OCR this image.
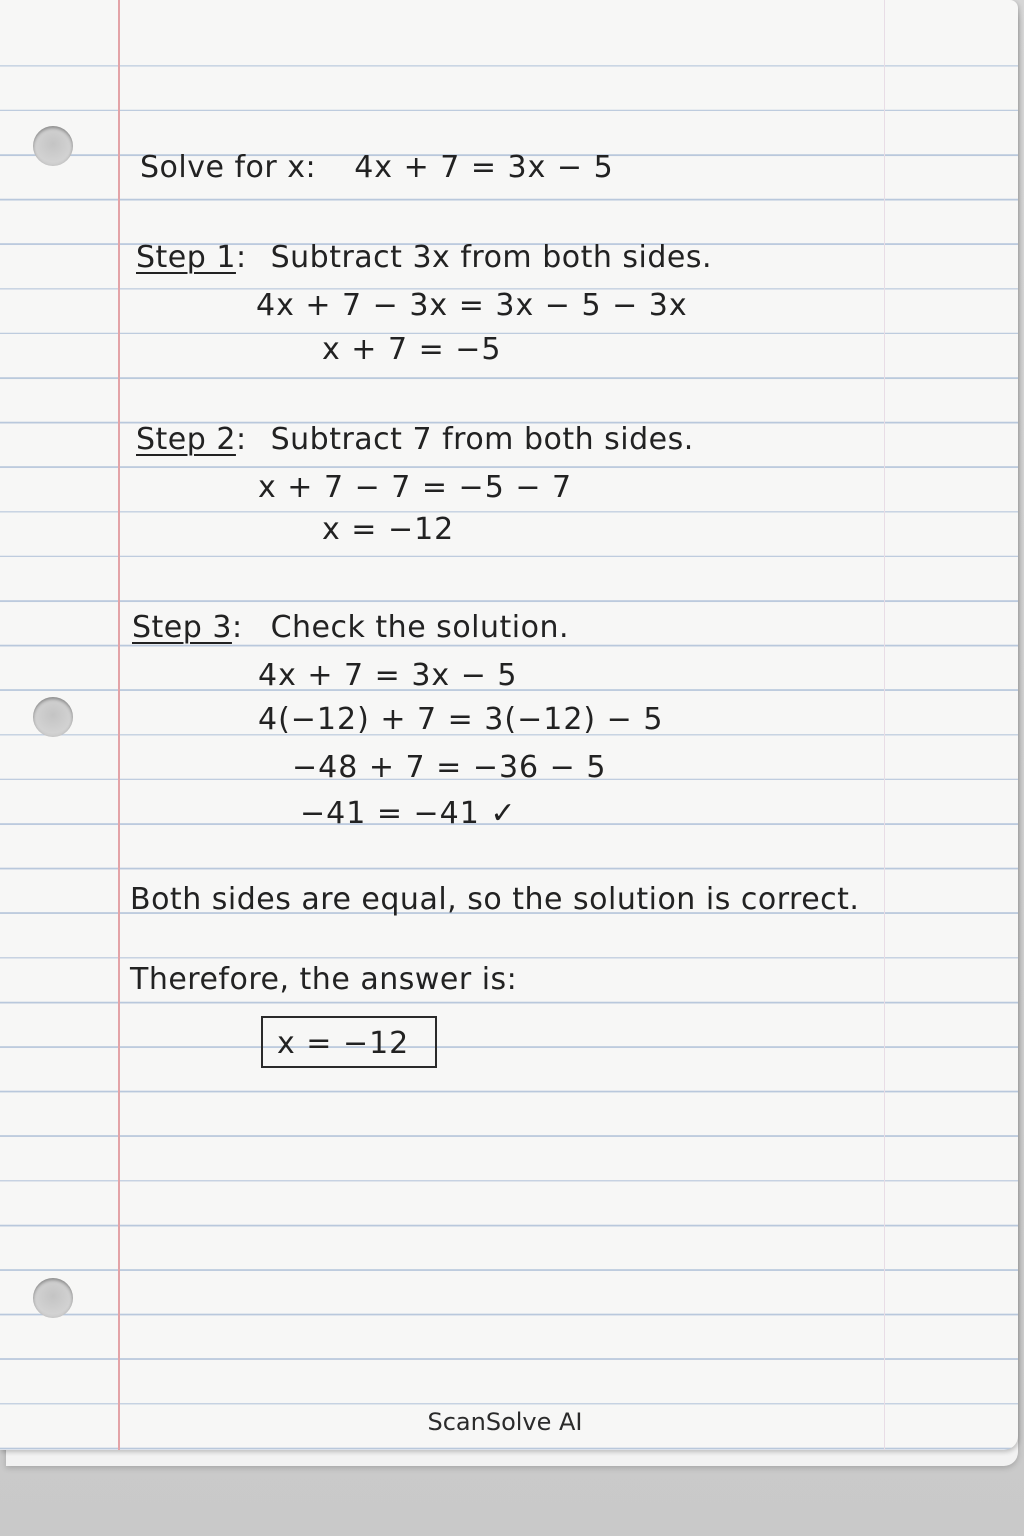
Solve for x: 4x + 7 = 3x − 5
Step 1: Subtract 3x from both sides.
4x + 7 − 3x = 3x − 5 − 3x
x + 7 = −5
Step 2: Subtract 7 from both sides.
x + 7 − 7 = −5 − 7
x = −12
Step 3: Check the solution.
4x + 7 = 3x − 5
4(−12) + 7 = 3(−12) − 5
−48 + 7 = −36 − 5
−41 = −41 ✓
Both sides are equal, so the solution is correct.
Therefore, the answer is:
x = −12
ScanSolve AI
